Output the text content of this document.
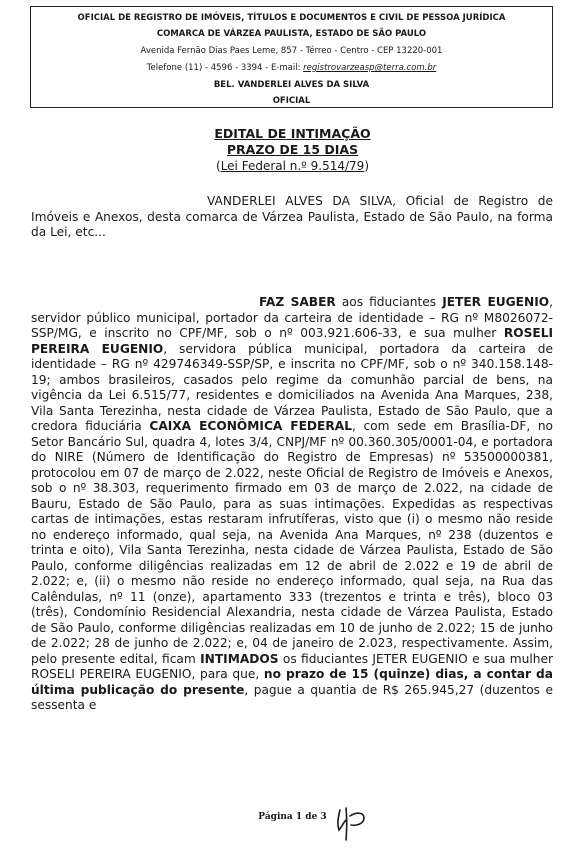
OFICIAL DE REGISTRO DE IMÓVEIS, TÍTULOS E DOCUMENTOS E CIVIL DE PESSOA JURÍDICA
COMARCA DE VÁRZEA PAULISTA, ESTADO DE SÃO PAULO
Avenida Fernão Dias Paes Leme, 857 - Térreo - Centro - CEP 13220-001
Telefone (11) - 4596 - 3394 - E-mail: registrovarzeasp@terra.com.br
BEL. VANDERLEI ALVES DA SILVA
OFICIAL
EDITAL DE INTIMAÇÃO
PRAZO DE 15 DIAS
(Lei Federal n.º 9.514/79)

VANDERLEI ALVES DA SILVA, Oficial de Registro de Imóveis e Anexos, desta comarca de Várzea Paulista, Estado de São Paulo, na forma da Lei, etc...

FAZ SABER aos fiduciantes JETER EUGENIO, servidor público municipal, portador da carteira de identidade – RG nº M8026072-SSP/MG, e inscrito no CPF/MF, sob o nº 003.921.606-33, e sua mulher ROSELI PEREIRA EUGENIO, servidora pública municipal, portadora da carteira de identidade – RG nº 429746349-SSP/SP, e inscrita no CPF/MF, sob o nº 340.158.148-19; ambos brasileiros, casados pelo regime da comunhão parcial de bens, na vigência da Lei 6.515/77, residentes e domiciliados na Avenida Ana Marques, 238, Vila Santa Terezinha, nesta cidade de Várzea Paulista, Estado de São Paulo, que a credora fiduciária CAIXA ECONÔMICA FEDERAL, com sede em Brasília-DF, no Setor Bancário Sul, quadra 4, lotes 3/4, CNPJ/MF nº 00.360.305/0001-04, e portadora do NIRE (Número de Identificação do Registro de Empresas) nº 53500000381, protocolou em 07 de março de 2.022, neste Oficial de Registro de Imóveis e Anexos, sob o nº 38.303, requerimento firmado em 03 de março de 2.022, na cidade de Bauru, Estado de São Paulo, para as suas intimações. Expedidas as respectivas cartas de intimações, estas restaram infrutíferas, visto que (i) o mesmo não reside no endereço informado, qual seja, na Avenida Ana Marques, nº 238 (duzentos e trinta e oito), Vila Santa Terezinha, nesta cidade de Várzea Paulista, Estado de São Paulo, conforme diligências realizadas em 12 de abril de 2.022 e 19 de abril de 2.022; e, (ii) o mesmo não reside no endereço informado, qual seja, na Rua das Calêndulas, nº 11 (onze), apartamento 333 (trezentos e trinta e três), bloco 03 (três), Condomínio Residencial Alexandria, nesta cidade de Várzea Paulista, Estado de São Paulo, conforme diligências realizadas em 10 de junho de 2.022; 15 de junho de 2.022; 28 de junho de 2.022; e, 04 de janeiro de 2.023, respectivamente. Assim, pelo presente edital, ficam INTIMADOS os fiduciantes JETER EUGENIO e sua mulher ROSELI PEREIRA EUGENIO, para que, no prazo de 15 (quinze) dias, a contar da última publicação do presente, pague a quantia de R$ 265.945,27 (duzentos e sessenta e

Página 1 de 3
